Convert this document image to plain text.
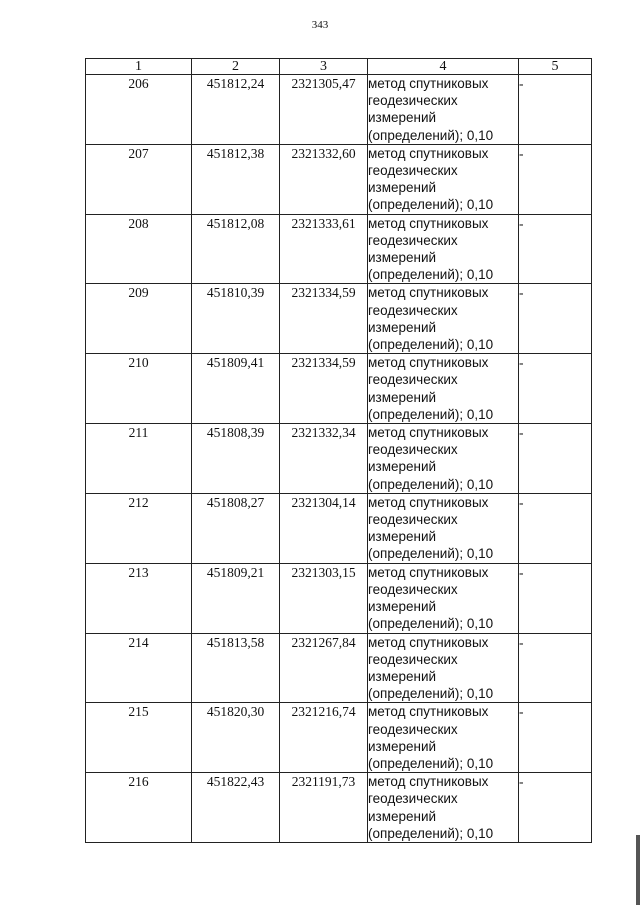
343
1	2	3	4	5
206	451812,24	2321305,47	метод спутниковых
геодезических
измерений
(определений); 0,10	-
207	451812,38	2321332,60	метод спутниковых
геодезических
измерений
(определений); 0,10	-
208	451812,08	2321333,61	метод спутниковых
геодезических
измерений
(определений); 0,10	-
209	451810,39	2321334,59	метод спутниковых
геодезических
измерений
(определений); 0,10	-
210	451809,41	2321334,59	метод спутниковых
геодезических
измерений
(определений); 0,10	-
211	451808,39	2321332,34	метод спутниковых
геодезических
измерений
(определений); 0,10	-
212	451808,27	2321304,14	метод спутниковых
геодезических
измерений
(определений); 0,10	-
213	451809,21	2321303,15	метод спутниковых
геодезических
измерений
(определений); 0,10	-
214	451813,58	2321267,84	метод спутниковых
геодезических
измерений
(определений); 0,10	-
215	451820,30	2321216,74	метод спутниковых
геодезических
измерений
(определений); 0,10	-
216	451822,43	2321191,73	метод спутниковых
геодезических
измерений
(определений); 0,10	-
